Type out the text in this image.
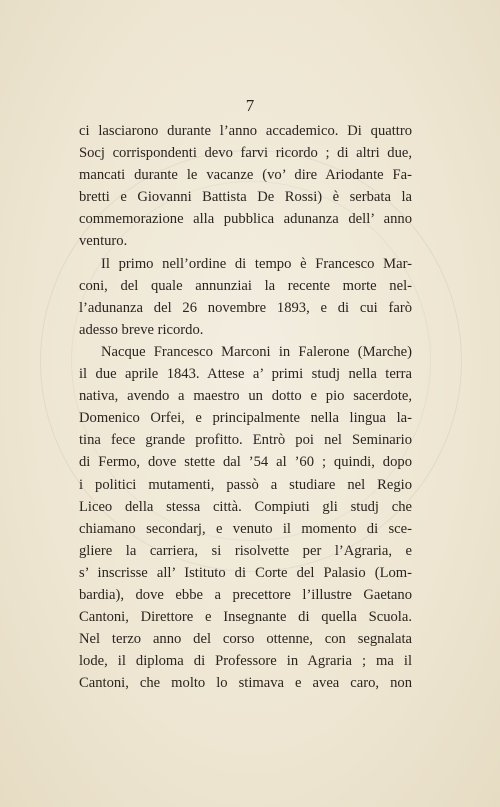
7
ci lasciarono durante l’anno accademico. Di quattro
Socj corrispondenti devo farvi ricordo ; di altri due,
mancati durante le vacanze (vo’ dire Ariodante Fa-
bretti e Giovanni Battista De Rossi) è serbata la
commemorazione alla pubblica adunanza dell’ anno
venturo.
Il primo nell’ordine di tempo è Francesco Mar-
coni, del quale annunziai la recente morte nel-
l’adunanza del 26 novembre 1893, e di cui farò
adesso breve ricordo.
Nacque Francesco Marconi in Falerone (Marche)
il due aprile 1843. Attese a’ primi studj nella terra
nativa, avendo a maestro un dotto e pio sacerdote,
Domenico Orfei, e principalmente nella lingua la-
tina fece grande profitto. Entrò poi nel Seminario
di Fermo, dove stette dal ’54 al ’60 ; quindi, dopo
i politici mutamenti, passò a studiare nel Regio
Liceo della stessa città. Compiuti gli studj che
chiamano secondarj, e venuto il momento di sce-
gliere la carriera, si risolvette per l’Agraria, e
s’ inscrisse all’ Istituto di Corte del Palasio (Lom-
bardia), dove ebbe a precettore l’illustre Gaetano
Cantoni, Direttore e Insegnante di quella Scuola.
Nel terzo anno del corso ottenne, con segnalata
lode, il diploma di Professore in Agraria ; ma il
Cantoni, che molto lo stimava e avea caro, non
